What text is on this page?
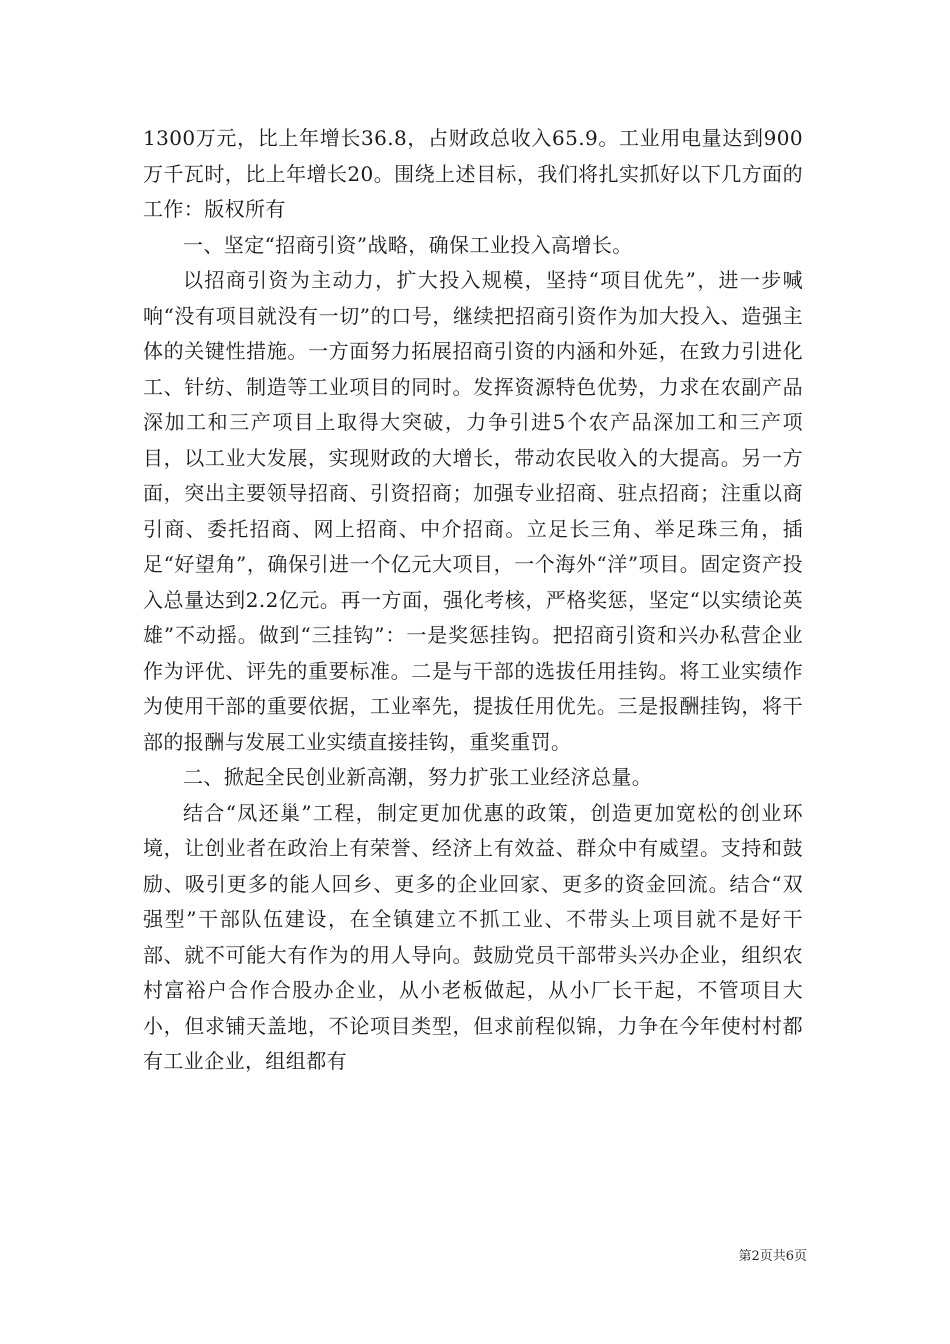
1300万元，比上年增长36.8，占财政总收入65.9。工业用电量达到900万千瓦时，比上年增长20。围绕上述目标，我们将扎实抓好以下几方面的工作：版权所有

一、坚定“招商引资”战略，确保工业投入高增长。

以招商引资为主动力，扩大投入规模，坚持“项目优先”，进一步喊响“没有项目就没有一切”的口号，继续把招商引资作为加大投入、造强主体的关键性措施。一方面努力拓展招商引资的内涵和外延，在致力引进化工、针纺、制造等工业项目的同时。发挥资源特色优势，力求在农副产品深加工和三产项目上取得大突破，力争引进5个农产品深加工和三产项目，以工业大发展，实现财政的大增长，带动农民收入的大提高。另一方面，突出主要领导招商、引资招商；加强专业招商、驻点招商；注重以商引商、委托招商、网上招商、中介招商。立足长三角、举足珠三角，插足“好望角”，确保引进一个亿元大项目，一个海外“洋”项目。固定资产投入总量达到2.2亿元。再一方面，强化考核，严格奖惩，坚定“以实绩论英雄”不动摇。做到“三挂钩”：一是奖惩挂钩。把招商引资和兴办私营企业作为评优、评先的重要标准。二是与干部的选拔任用挂钩。将工业实绩作为使用干部的重要依据，工业率先，提拔任用优先。三是报酬挂钩，将干部的报酬与发展工业实绩直接挂钩，重奖重罚。

二、掀起全民创业新高潮，努力扩张工业经济总量。

结合“凤还巢”工程，制定更加优惠的政策，创造更加宽松的创业环境，让创业者在政治上有荣誉、经济上有效益、群众中有威望。支持和鼓励、吸引更多的能人回乡、更多的企业回家、更多的资金回流。结合“双强型”干部队伍建设，在全镇建立不抓工业、不带头上项目就不是好干部、就不可能大有作为的用人导向。鼓励党员干部带头兴办企业，组织农村富裕户合作合股办企业，从小老板做起，从小厂长干起，不管项目大小，但求铺天盖地，不论项目类型，但求前程似锦，力争在今年使村村都有工业企业，组组都有

第2页共6页
